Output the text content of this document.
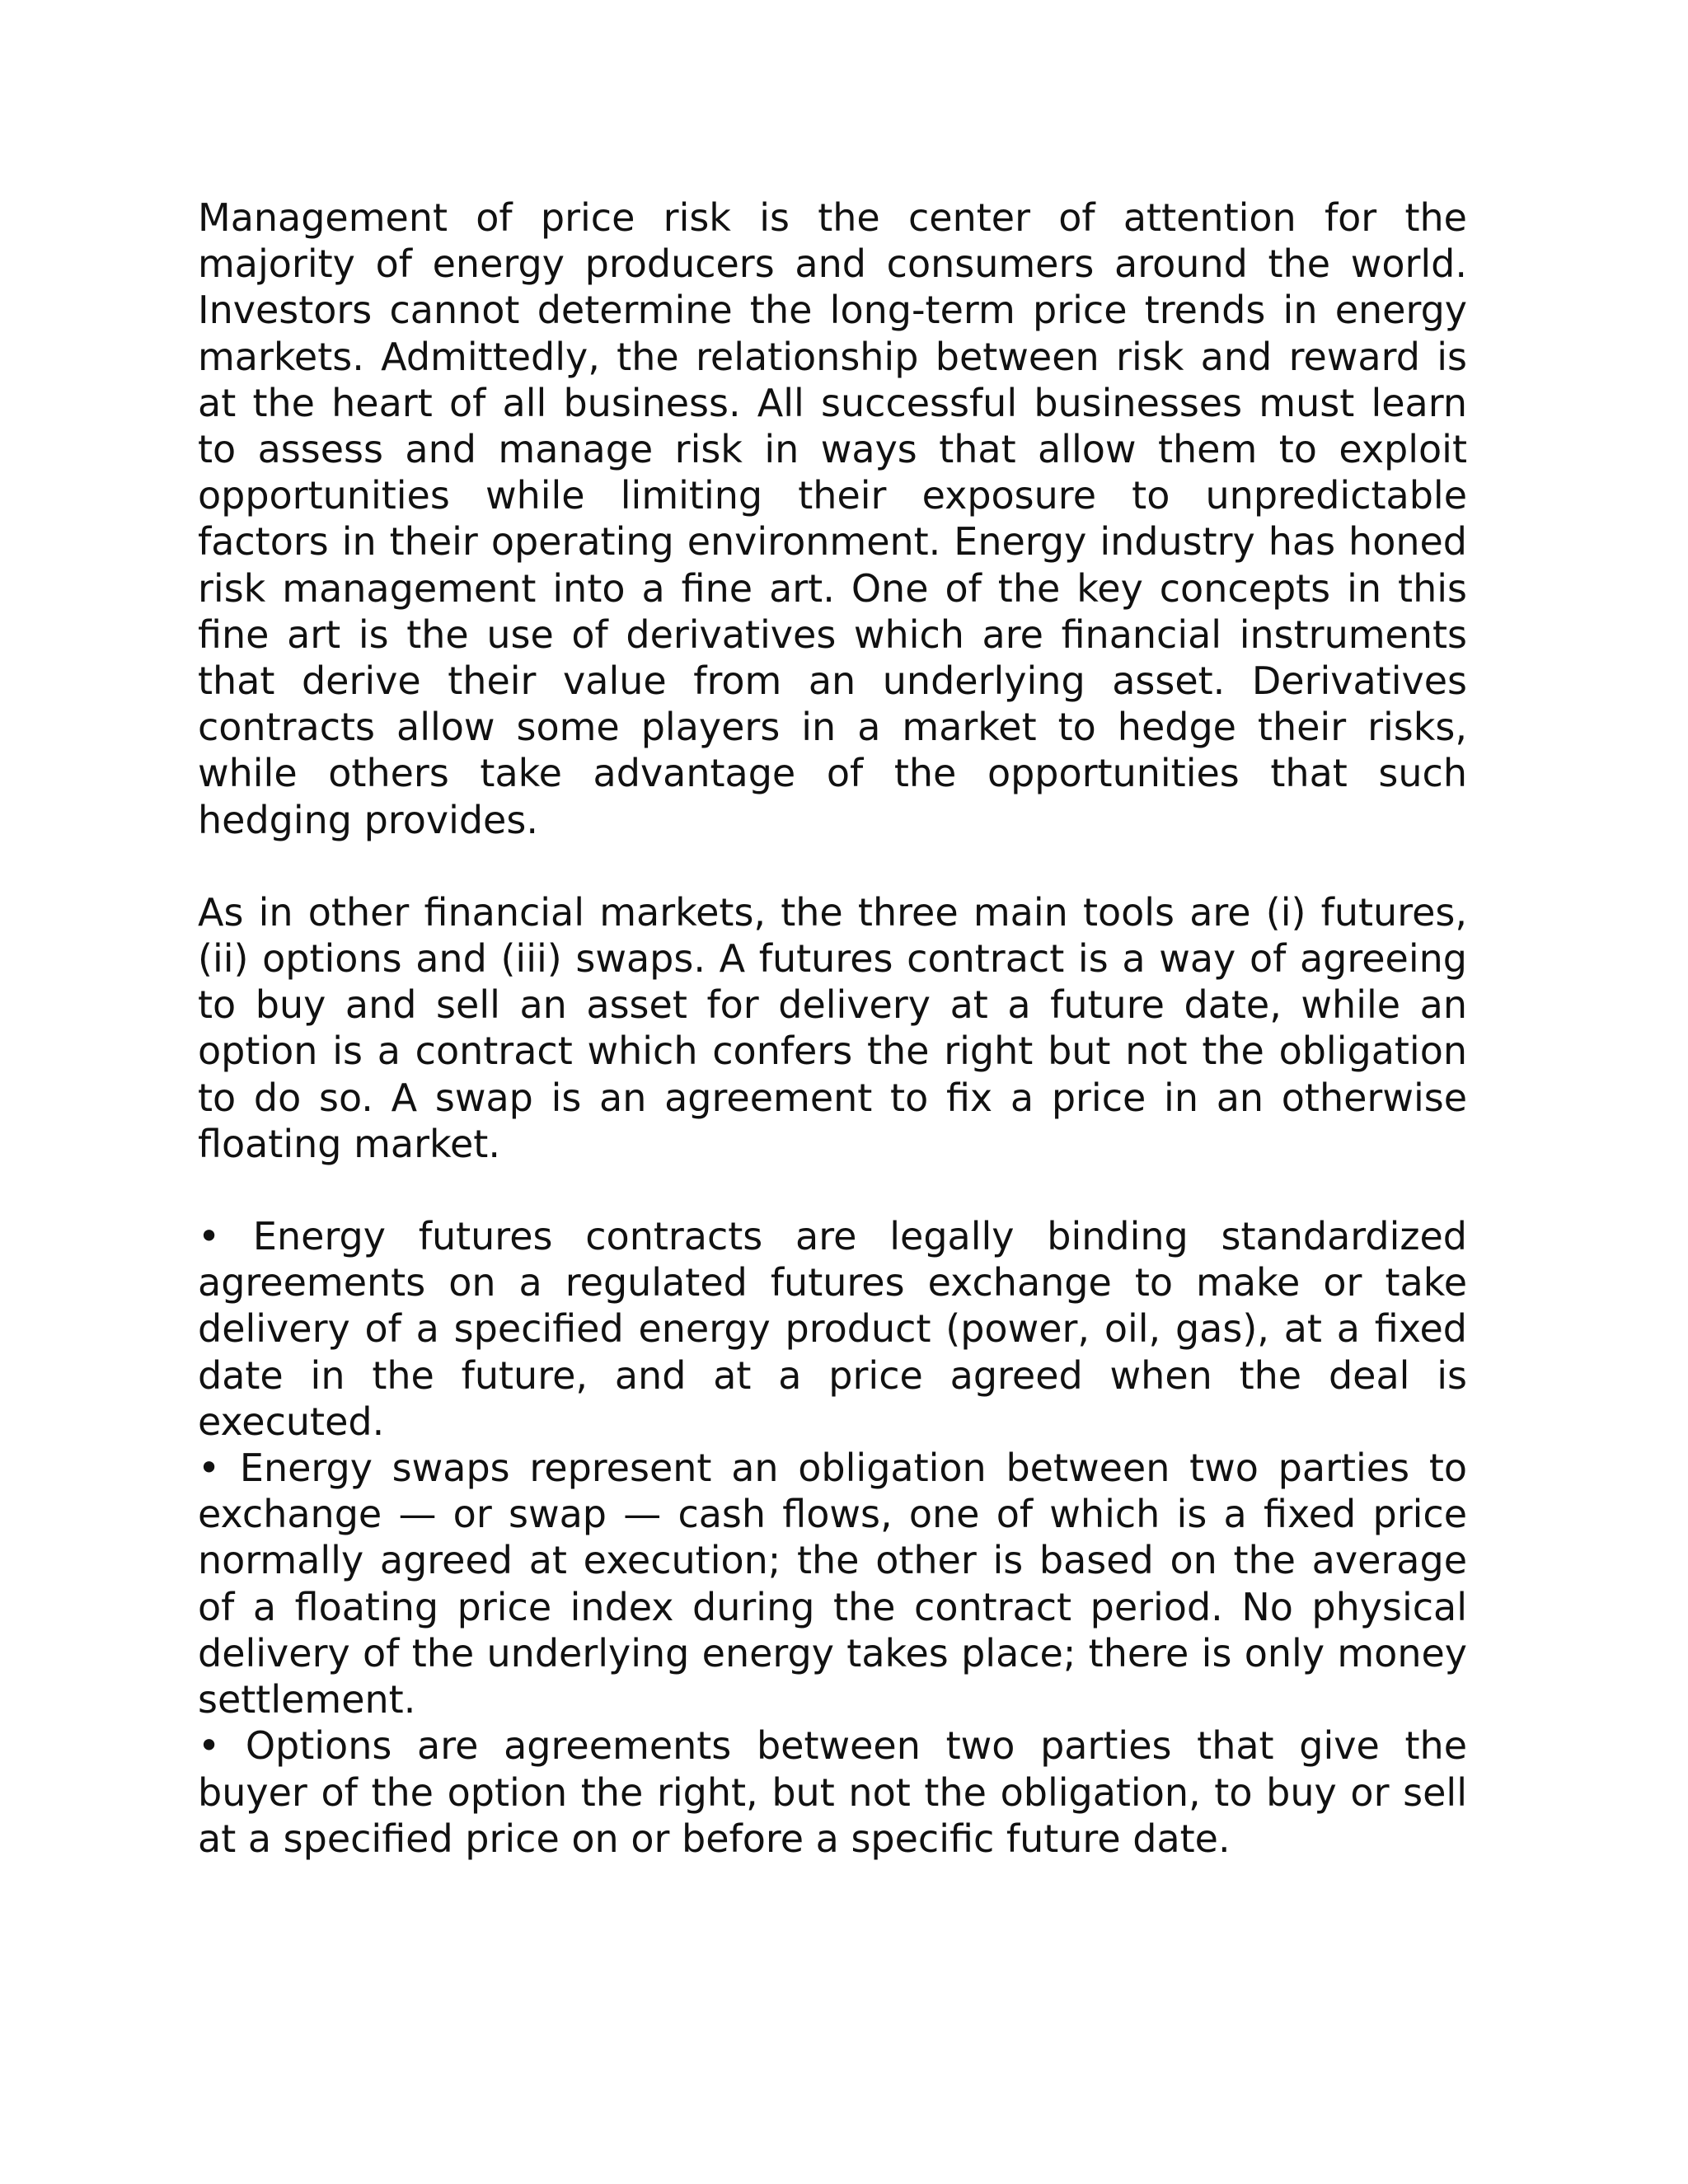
Management of price risk is the center of attention for the majority of energy producers and consumers around the world. Investors cannot determine the long-term price trends in energy markets. Admittedly, the relationship between risk and reward is at the heart of all business. All successful businesses must learn to assess and manage risk in ways that allow them to exploit opportunities while limiting their exposure to unpredictable factors in their operating environment. Energy industry has honed risk management into a fine art. One of the key concepts in this fine art is the use of derivatives which are financial instruments that derive their value from an underlying asset. Derivatives contracts allow some players in a market to hedge their risks, while others take advantage of the opportunities that such hedging provides.

As in other financial markets, the three main tools are (i) futures, (ii) options and (iii) swaps. A futures contract is a way of agreeing to buy and sell an asset for delivery at a future date, while an option is a contract which confers the right but not the obligation to do so. A swap is an agreement to fix a price in an otherwise floating market.

• Energy futures contracts are legally binding standardized agreements on a regulated futures exchange to make or take delivery of a specified energy product (power, oil, gas), at a fixed date in the future, and at a price agreed when the deal is executed.
• Energy swaps represent an obligation between two parties to exchange — or swap — cash flows, one of which is a fixed price normally agreed at execution; the other is based on the average of a floating price index during the contract period. No physical delivery of the underlying energy takes place; there is only money settlement.
• Options are agreements between two parties that give the buyer of the option the right, but not the obligation, to buy or sell at a specified price on or before a specific future date.
